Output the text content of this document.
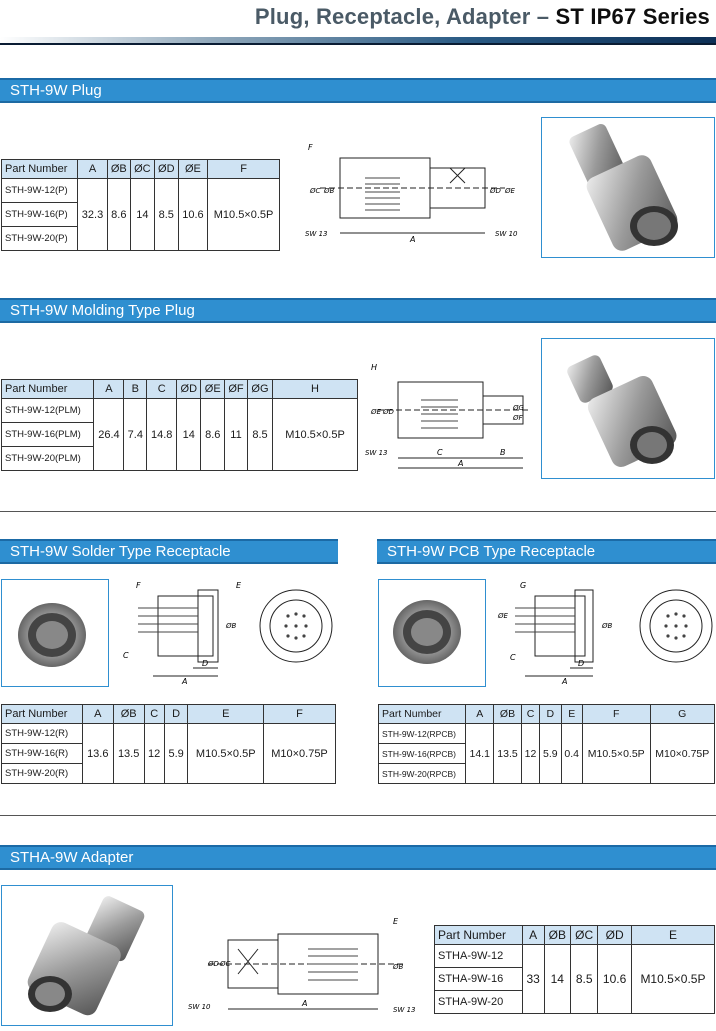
Plug, Receptacle, Adapter – ST IP67 Series
STH-9W Plug
Part Number	A	ØB	ØC	ØD	ØE	F
STH-9W-12(P)	32.3	8.6	14	8.5	10.6	M10.5×0.5P
STH-9W-16(P)						
STH-9W-20(P)						
F
ØC ØB	ØD ØE
SW 13	SW 10
A
STH-9W Molding Type Plug
Part Number	A	B	C	ØD	ØE	ØF	ØG	H
STH-9W-12(PLM)	26.4	7.4	14.8	14	8.6	11	8.5	M10.5×0.5P
STH-9W-16(PLM)								
STH-9W-20(PLM)								
H
ØE ØD	ØG
ØF
SW 13	C	B
A
STH-9W Solder Type Receptacle
F	E
ØB
C
D
A
Part Number	A	ØB	C	D	E	F
STH-9W-12(R)	13.6	13.5	12	5.9	M10.5×0.5P	M10×0.75P
STH-9W-16(R)						
STH-9W-20(R)						
STH-9W PCB Type Receptacle
G
ØE
ØB
C
D
A
Part Number	A	ØB	C	D	E	F	G
STH-9W-12(RPCB)	14.1	13.5	12	5.9	0.4	M10.5×0.5P	M10×0.75P
STH-9W-16(RPCB)							
STH-9W-20(RPCB)							
STHA-9W Adapter
E
ØD ØC	ØB
SW 10	SW 13
A
Part Number	A	ØB	ØC	ØD	E
STHA-9W-12	33	14	8.5	10.6	M10.5×0.5P
STHA-9W-16					
STHA-9W-20					
